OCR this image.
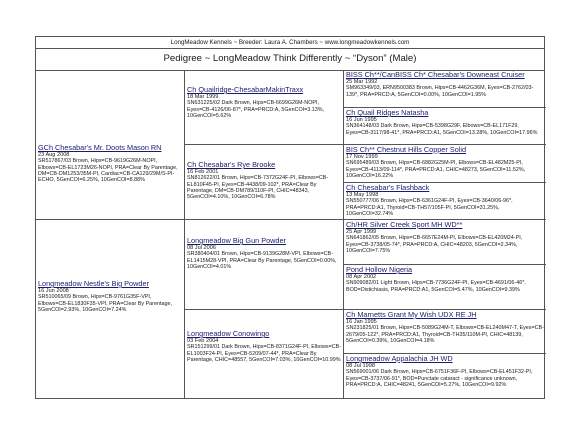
LongMeadow Kennels ~ Breeder: Laura A. Chambers ~ www.longmeadowkennels.com
Pedigree ~ LongMeadow Think Differently ~ “Dyson” (Male)
GCh Chesabar's Mr. Doots Mason RN
23 Aug 2008
SR517867/03 Brown, Hips=CB-9619G26M-NOPI, Elbows=CB-EL1723M26-NOPI, PRA=Clear By Parentage, DM=CB-DM1253/35M-PI, Cardiac=CB-CA129/29M/S-PI-ECHO, 5GenCOI=6.25%, 10GenCOI=8.88%
Longmeadow Nestle's Big Powder
16 Jun 2008
SR510065/09 Brown, Hips=CB-9761G35F-VPI, Elbows=CB-EL1830F35-VPI, PRA=Clear By Parentage, 5GenCOI=2.93%, 10GenCOI=7.24%
Ch Quailridge-ChesabarMakinTraxx
18 Mar 1999
SN631225/02 Dark Brown, Hips=CB-6699G26M-NOPI, Eyes=CB-4126/06-87*, PRA=PRCD:A, 5GenCOI=3.13%, 10GenCOI=5.62%
Ch Chesabar's Rye Brooke
16 Feb 2001
SN812622/01 Brown, Hips=CB-7372G24F-PI, Elbows=CB-EL810F45-PI, Eyes=CB-4438/09-102*, PRA=Clear By Parentage, DM=CB-DM789/110F-PI, CHIC=48343, 5GenCOI=4.10%, 10GenCOI=6.78%
Longmeadow Big Gun Powder
08 Jul 2006
SR380404/01 Brown, Hips=CB-9139G28M-VPI, Elbows=CB-EL1415M28-VPI, PRA=Clear By Parentage, 5GenCOI=0.00%, 10GenCOI=4.01%
Longmeadow Conowingo
03 Feb 2004
SR151299/01 Dark Brown, Hips=CB-8371G24F-PI, Elbows=CB-EL1003F24-PI, Eyes=CB-5209/07-44*, PRA=Clear By Parentage, CHIC=48557, 5GenCOI=7.03%, 10GenCOI=10.99%
BISS Ch**/CanBISS Ch* Chesabar's Downeast Cruiser
25 Mar 1992
SM963349/03, ERN9500383 Brown, Hips=CB-4462G36M, Eyes=CB-2762/03-139*, PRA=PRCD:A, 5GenCOI=0.00%, 10GenCOI=1.95%
Ch Quail Ridges Natasha
16 Jun 1995
SN364148/03 Dark Brown, Hips=CB-5398G29F, Elbows=CB-EL171F29, Eyes=CB-3117/98-41*, PRA=PRCD:A1, 5GenCOI=13.28%, 10GenCOI=17.96%
BIS Ch** Chestnut Hills Copper Solid
17 Nov 1999
SN695489/03 Brown, Hips=CB-6882G25M-PI, Elbows=CB-EL482M25-PI, Eyes=CB-4113/09-114*, PRA=PRCD:A1, CHIC=48273, 5GenCOI=11.52%, 10GenCOI=16.22%
Ch Chesabar's Flashback
13 May 1998
SN550777/06 Brown, Hips=CB-6361G24F-PI, Eyes=CB-3640/06-96*, PRA=PRCD:A1, Thyroid=CB-TH57/105F-PI, 5GenCOI=31.25%, 10GenCOI=32.74%
Ch/HR Silver Creek Sport MH WD**
25 Apr 1999
SN641862/05 Brown, Hips=CB-6657E24M-PI, Elbows=CB-EL420M24-PI, Eyes=CB-3738/05-74*, PRA=PRCD:A, CHIC=48203, 5GenCOI=2.34%, 10GenCOI=7.75%
Pond Hollow Nigeria
08 Apr 2002
SN909082/01 Light Brown, Hips=CB-7736G24F-PI, Eyes=CB-4691/06-46*, BOD=Distichiasis, PRA=PRCD:A1, 5GenCOI=5.47%, 10GenCOI=9.39%
Ch Marnetts Grant My Wish UDX RE JH
16 Jan 1995
SN231825/01 Brown, Hips=CB-5089G24M-T, Elbows=CB-EL240M47-T, Eyes=CB-2679/05-122*, PRA=PRCD:A1, Thyroid=CB-TH35/110M-PI, CHIC=48139, 5GenCOI=0.39%, 10GenCOI=4.18%
Longmeadow Appalachia JH WD
08 Jul 1998
SN569001/06 Dark Brown, Hips=CB-6751F36F-PI, Elbows=CB-EL451F32-PI, Eyes=CB-3737/06-91*, BOD=Punctate cataract - significance unknown, PRA=PRCD:A, CHIC=48241, 5GenCOI=5.27%, 10GenCOI=9.92%
